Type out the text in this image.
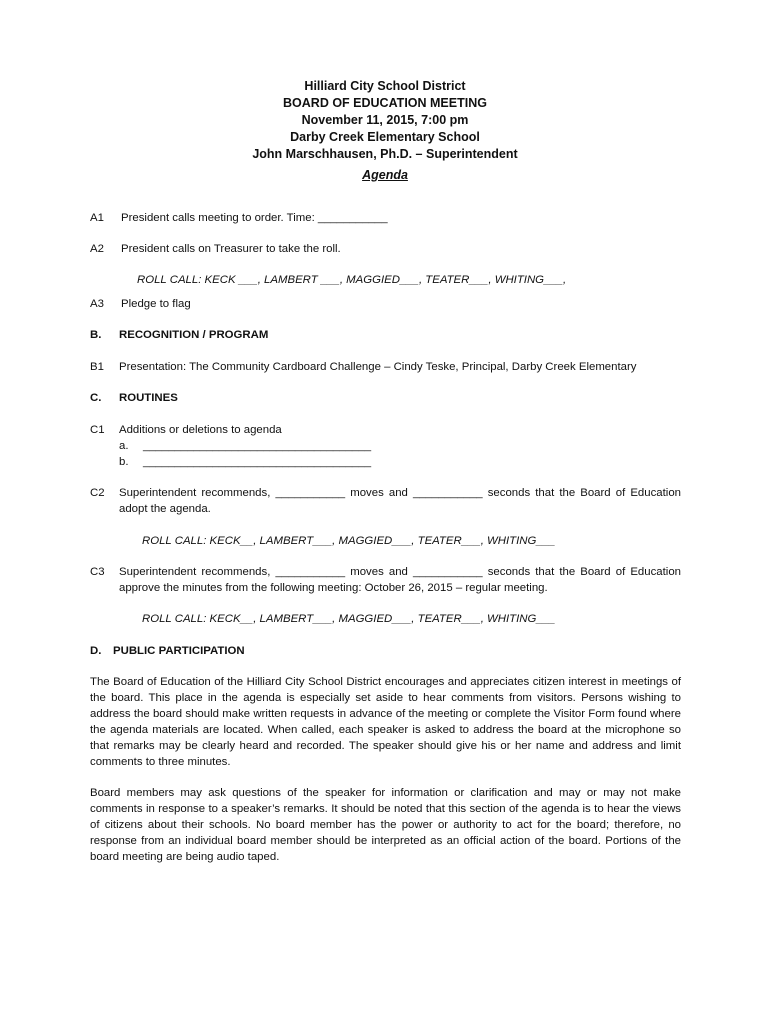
Hilliard City School District
BOARD OF EDUCATION MEETING
November 11, 2015, 7:00 pm
Darby Creek Elementary School
John Marschhausen, Ph.D. – Superintendent
Agenda
A1 President calls meeting to order. Time: ___________
A2 President calls on Treasurer to take the roll.
ROLL CALL: KECK ___, LAMBERT ___, MAGGIED___, TEATER___, WHITING___,
A3 Pledge to flag
B. RECOGNITION / PROGRAM
B1 Presentation: The Community Cardboard Challenge – Cindy Teske, Principal, Darby Creek Elementary
C. ROUTINES
C1 Additions or deletions to agenda
a. ____________________________________
b. ____________________________________
C2 Superintendent recommends, ___________ moves and ___________ seconds that the Board of Education adopt the agenda.
ROLL CALL: KECK__, LAMBERT___, MAGGIED___, TEATER___, WHITING___
C3 Superintendent recommends, ___________ moves and ___________ seconds that the Board of Education approve the minutes from the following meeting: October 26, 2015 – regular meeting.
ROLL CALL: KECK__, LAMBERT___, MAGGIED___, TEATER___, WHITING___
D. PUBLIC PARTICIPATION
The Board of Education of the Hilliard City School District encourages and appreciates citizen interest in meetings of the board. This place in the agenda is especially set aside to hear comments from visitors. Persons wishing to address the board should make written requests in advance of the meeting or complete the Visitor Form found where the agenda materials are located. When called, each speaker is asked to address the board at the microphone so that remarks may be clearly heard and recorded. The speaker should give his or her name and address and limit comments to three minutes.
Board members may ask questions of the speaker for information or clarification and may or may not make comments in response to a speaker’s remarks. It should be noted that this section of the agenda is to hear the views of citizens about their schools. No board member has the power or authority to act for the board; therefore, no response from an individual board member should be interpreted as an official action of the board. Portions of the board meeting are being audio taped.
